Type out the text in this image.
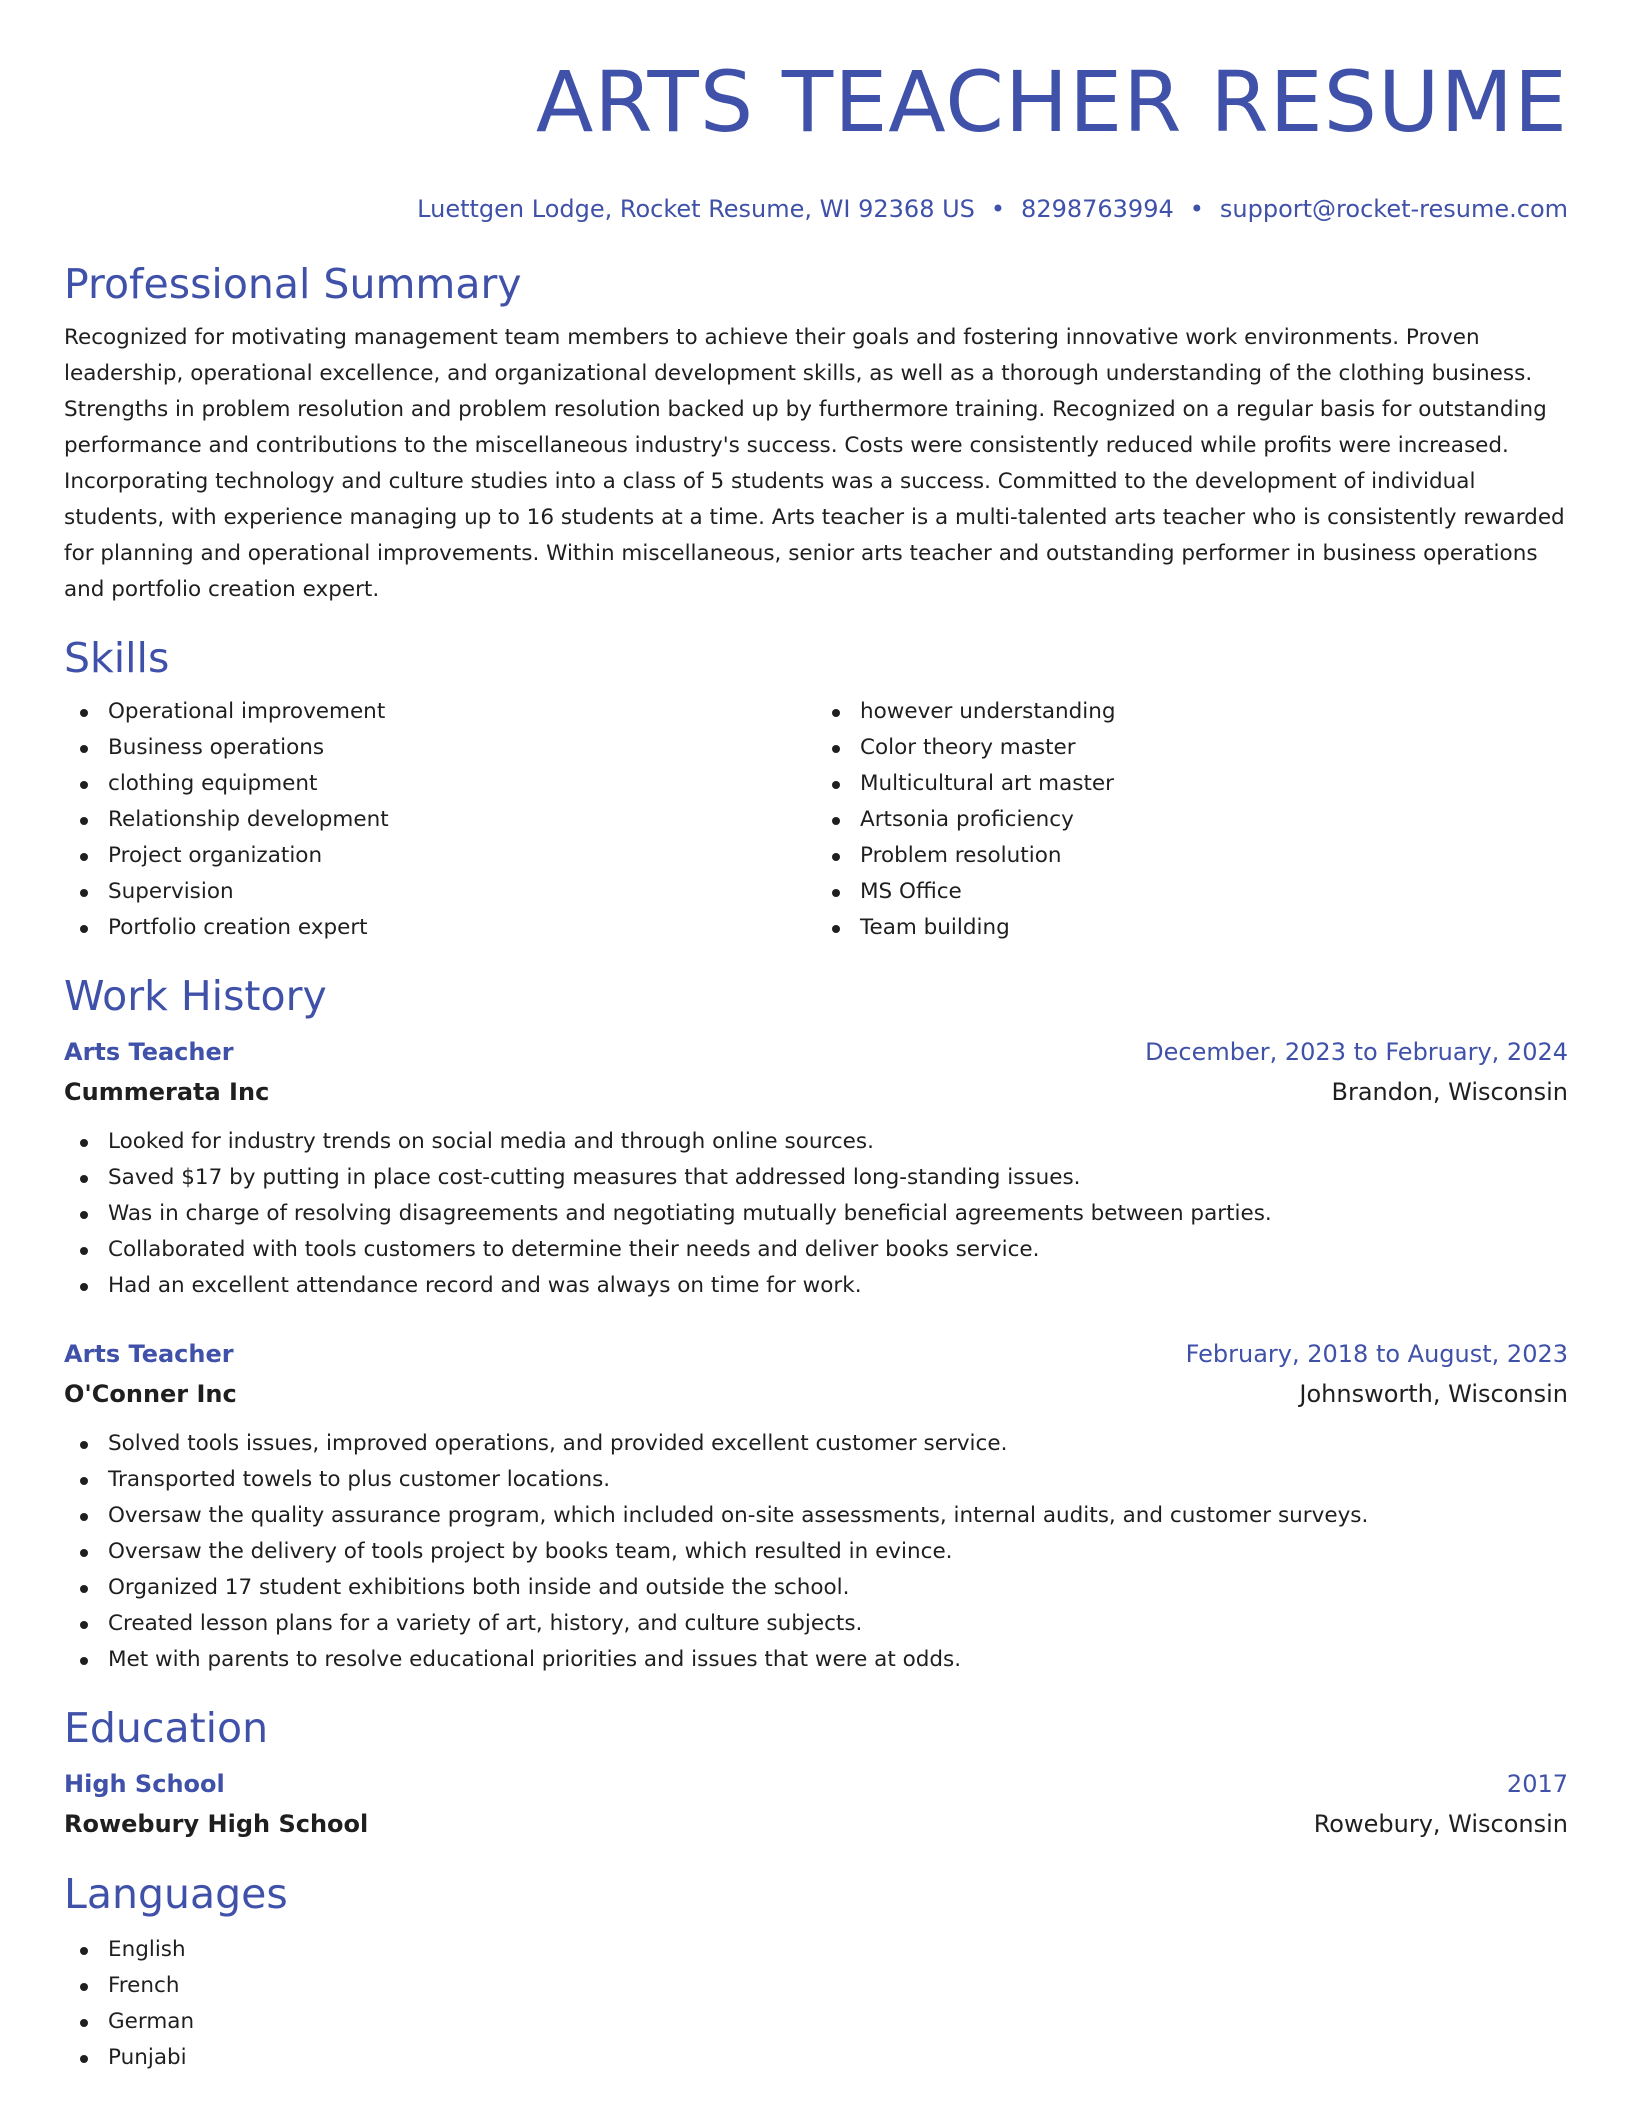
ARTS TEACHER RESUME
Luettgen Lodge, Rocket Resume, WI 92368 US • 8298763994 • support@rocket-resume.com
Professional Summary

Recognized for motivating management team members to achieve their goals and fostering innovative work environments. Proven leadership, operational excellence, and organizational development skills, as well as a thorough understanding of the clothing business. Strengths in problem resolution and problem resolution backed up by furthermore training. Recognized on a regular basis for outstanding performance and contributions to the miscellaneous industry's success. Costs were consistently reduced while profits were increased. Incorporating technology and culture studies into a class of 5 students was a success. Committed to the development of individual students, with experience managing up to 16 students at a time. Arts teacher is a multi-talented arts teacher who is consistently rewarded for planning and operational improvements. Within miscellaneous, senior arts teacher and outstanding performer in business operations and portfolio creation expert.

Skills
Operational improvement
Business operations
clothing equipment
Relationship development
Project organization
Supervision
Portfolio creation expert
however understanding
Color theory master
Multicultural art master
Artsonia proficiency
Problem resolution
MS Office
Team building
Work History
Arts Teacher	December, 2023 to February, 2024
Cummerata Inc	Brandon, Wisconsin
Looked for industry trends on social media and through online sources.
Saved $17 by putting in place cost-cutting measures that addressed long-standing issues.
Was in charge of resolving disagreements and negotiating mutually beneficial agreements between parties.
Collaborated with tools customers to determine their needs and deliver books service.
Had an excellent attendance record and was always on time for work.
Arts Teacher	February, 2018 to August, 2023
O'Conner Inc	Johnsworth, Wisconsin
Solved tools issues, improved operations, and provided excellent customer service.
Transported towels to plus customer locations.
Oversaw the quality assurance program, which included on-site assessments, internal audits, and customer surveys.
Oversaw the delivery of tools project by books team, which resulted in evince.
Organized 17 student exhibitions both inside and outside the school.
Created lesson plans for a variety of art, history, and culture subjects.
Met with parents to resolve educational priorities and issues that were at odds.
Education
High School	2017
Rowebury High School	Rowebury, Wisconsin
Languages
English
French
German
Punjabi
